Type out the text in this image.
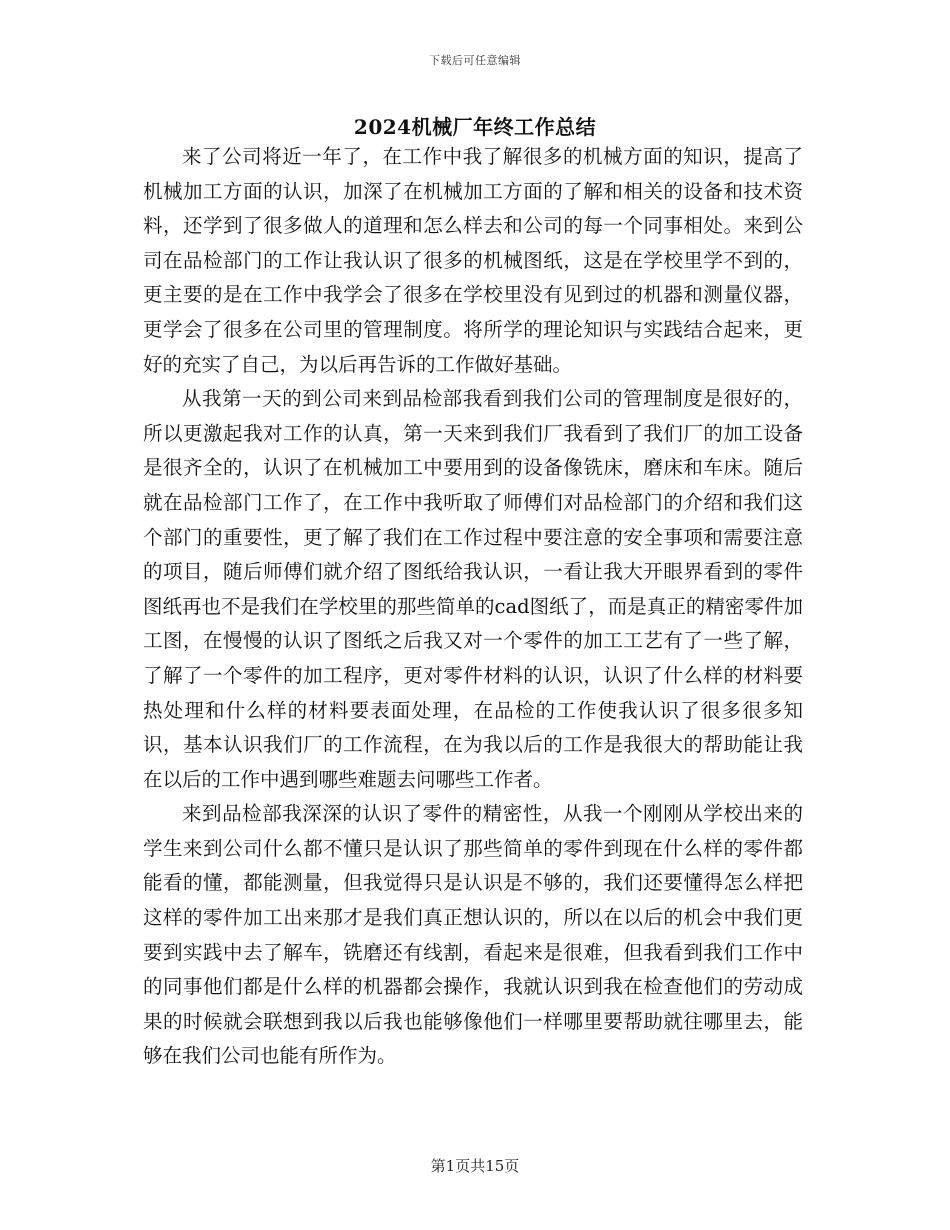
下载后可任意编辑
2024机械厂年终工作总结

来了公司将近一年了，在工作中我了解很多的机械方面的知识，提高了机械加工方面的认识，加深了在机械加工方面的了解和相关的设备和技术资料，还学到了很多做人的道理和怎么样去和公司的每一个同事相处。来到公司在品检部门的工作让我认识了很多的机械图纸，这是在学校里学不到的，更主要的是在工作中我学会了很多在学校里没有见到过的机器和测量仪器，更学会了很多在公司里的管理制度。将所学的理论知识与实践结合起来，更好的充实了自己，为以后再告诉的工作做好基础。

从我第一天的到公司来到品检部我看到我们公司的管理制度是很好的，所以更激起我对工作的认真，第一天来到我们厂我看到了我们厂的加工设备是很齐全的，认识了在机械加工中要用到的设备像铣床，磨床和车床。随后就在品检部门工作了，在工作中我听取了师傅们对品检部门的介绍和我们这个部门的重要性，更了解了我们在工作过程中要注意的安全事项和需要注意的项目，随后师傅们就介绍了图纸给我认识，一看让我大开眼界看到的零件图纸再也不是我们在学校里的那些简单的cad图纸了，而是真正的精密零件加工图，在慢慢的认识了图纸之后我又对一个零件的加工工艺有了一些了解，了解了一个零件的加工程序，更对零件材料的认识，认识了什么样的材料要热处理和什么样的材料要表面处理，在品检的工作使我认识了很多很多知识，基本认识我们厂的工作流程，在为我以后的工作是我很大的帮助能让我在以后的工作中遇到哪些难题去问哪些工作者。

来到品检部我深深的认识了零件的精密性，从我一个刚刚从学校出来的学生来到公司什么都不懂只是认识了那些简单的零件到现在什么样的零件都能看的懂，都能测量，但我觉得只是认识是不够的，我们还要懂得怎么样把这样的零件加工出来那才是我们真正想认识的，所以在以后的机会中我们更要到实践中去了解车，铣磨还有线割，看起来是很难，但我看到我们工作中的同事他们都是什么样的机器都会操作，我就认识到我在检查他们的劳动成果的时候就会联想到我以后我也能够像他们一样哪里要帮助就往哪里去，能够在我们公司也能有所作为。

第1页共15页
